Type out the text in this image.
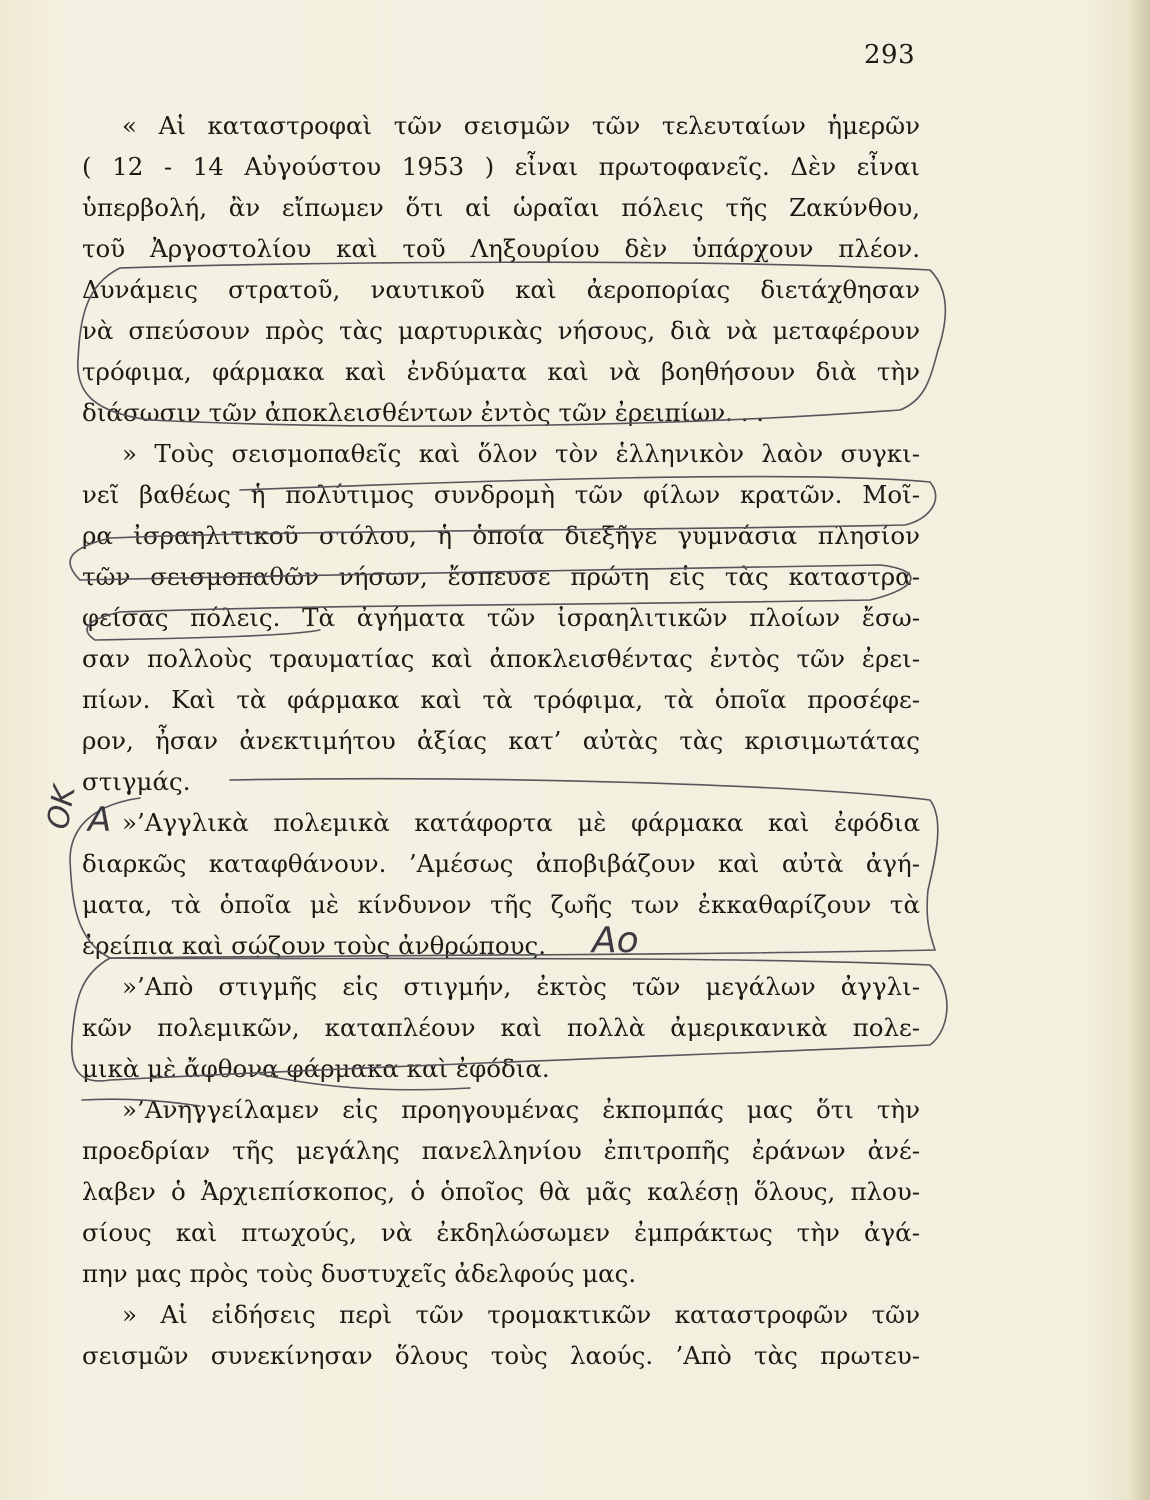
293
« Αἱ καταστροφαὶ τῶν σεισμῶν τῶν τελευταίων ἡμερῶν
( 12 - 14 Αὐγούστου 1953 ) εἶναι πρωτοφανεῖς. Δὲν εἶναι
ὑπερβολή, ἂν εἴπωμεν ὅτι αἱ ὡραῖαι πόλεις τῆς Ζακύνθου,
τοῦ Ἀργοστολίου καὶ τοῦ Ληξουρίου δὲν ὑπάρχουν πλέον.
Δυνάμεις στρατοῦ, ναυτικοῦ καὶ ἀεροπορίας διετάχθησαν
νὰ σπεύσουν πρὸς τὰς μαρτυρικὰς νήσους, διὰ νὰ μεταφέρουν
τρόφιμα, φάρμακα καὶ ἐνδύματα καὶ νὰ βοηθήσουν διὰ τὴν
διάσωσιν τῶν ἀποκλεισθέντων ἐντὸς τῶν ἐρειπίων. . .
» Τοὺς σεισμοπαθεῖς καὶ ὅλον τὸν ἑλληνικὸν λαὸν συγκι-
νεῖ βαθέως ἡ πολύτιμος συνδρομὴ τῶν φίλων κρατῶν. Μοῖ-
ρα ἰσραηλιτικοῦ στόλου, ἡ ὁποία διεξῆγε γυμνάσια πλησίον
τῶν σεισμοπαθῶν νήσων, ἔσπευσε πρώτη εἰς τὰς καταστρα-
φείσας πόλεις. Τὰ ἀγήματα τῶν ἰσραηλιτικῶν πλοίων ἔσω-
σαν πολλοὺς τραυματίας καὶ ἀποκλεισθέντας ἐντὸς τῶν ἐρει-
πίων. Καὶ τὰ φάρμακα καὶ τὰ τρόφιμα, τὰ ὁποῖα προσέφε-
ρον, ἦσαν ἀνεκτιμήτου ἀξίας κατ’ αὐτὰς τὰς κρισιμωτάτας
στιγμάς.
»’Αγγλικὰ πολεμικὰ κατάφορτα μὲ φάρμακα καὶ ἐφόδια
διαρκῶς καταφθάνουν. ’Αμέσως ἀποβιβάζουν καὶ αὐτὰ ἀγή-
ματα, τὰ ὁποῖα μὲ κίνδυνον τῆς ζωῆς των ἐκκαθαρίζουν τὰ
ἐρείπια καὶ σῴζουν τοὺς ἀνθρώπους.
»’Απὸ στιγμῆς εἰς στιγμήν, ἐκτὸς τῶν μεγάλων ἀγγλι-
κῶν πολεμικῶν, καταπλέουν καὶ πολλὰ ἀμερικανικὰ πολε-
μικὰ μὲ ἄφθονα φάρμακα καὶ ἐφόδια.
»’Ανηγγείλαμεν εἰς προηγουμένας ἐκπομπάς μας ὅτι τὴν
προεδρίαν τῆς μεγάλης πανελληνίου ἐπιτροπῆς ἐράνων ἀνέ-
λαβεν ὁ Ἀρχιεπίσκοπος, ὁ ὁποῖος θὰ μᾶς καλέσῃ ὅλους, πλου-
σίους καὶ πτωχούς, νὰ ἐκδηλώσωμεν ἐμπράκτως τὴν ἀγά-
πην μας πρὸς τοὺς δυστυχεῖς ἀδελφούς μας.
» Αἱ εἰδήσεις περὶ τῶν τρομακτικῶν καταστροφῶν τῶν
σεισμῶν συνεκίνησαν ὅλους τοὺς λαούς. ’Απὸ τὰς πρωτευ-
OK Α
Αο
